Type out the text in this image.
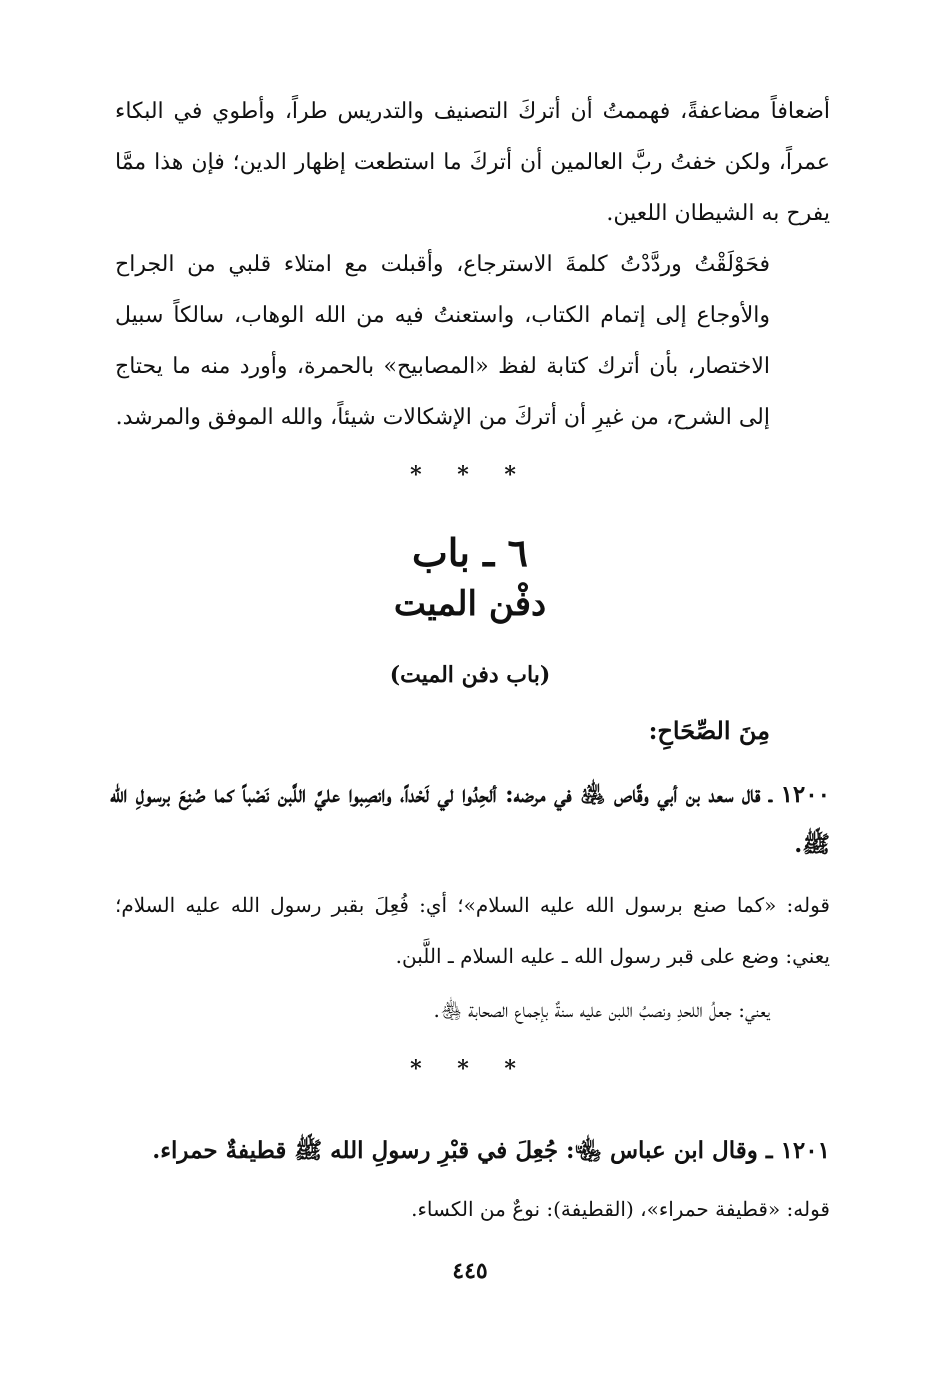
أضعافاً مضاعفةً، فهممتُ أن أتركَ التصنيف والتدريس طراً، وأطوي في البكاء عمراً، ولكن خفتُ ربَّ العالمين أن أتركَ ما استطعت إظهار الدين؛ فإن هذا ممَّا يفرح به الشيطان اللعين.
فحَوْلَقْتُ وردَّدْتُ كلمةَ الاسترجاع، وأقبلت مع امتلاء قلبي من الجراح والأوجاع إلى إتمام الكتاب، واستعنتُ فيه من الله الوهاب، سالكاً سبيل الاختصار، بأن أترك كتابة لفظ «المصابيح» بالحمرة، وأورد منه ما يحتاج إلى الشرح، من غيرِ أن أتركَ من الإشكالات شيئاً، والله الموفق والمرشد.
* * *
٦ ـ باب
دفْن الميت
(باب دفن الميت)
مِنَ الصِّحَاحِ:
١٢٠٠ ـ قال سعد بن أبي وقَّاص ﵁ في مرضه: ألحِدُوا لي لَحْداً، وانصِبوا عليَّ اللَّبن نَصْباً كما صُنِعَ برسولِ الله ﷺ.
قوله: «كما صنع برسول الله عليه السلام»؛ أي: فُعِلَ بقبر رسول الله عليه السلام؛ يعني: وضع على قبر رسول الله ـ عليه السلام ـ اللَّبن.
يعني: جعلُ اللحدِ ونصبُ اللبن عليه سنةٌ بإجماع الصحابة ﵃.
* * *
١٢٠١ ـ وقال ابن عباس ﵄: جُعِلَ في قبْرِ رسولِ الله ﷺ قطيفةٌ حمراء.
قوله: «قطيفة حمراء»، (القطيفة): نوعٌ من الكساء.
٤٤٥
